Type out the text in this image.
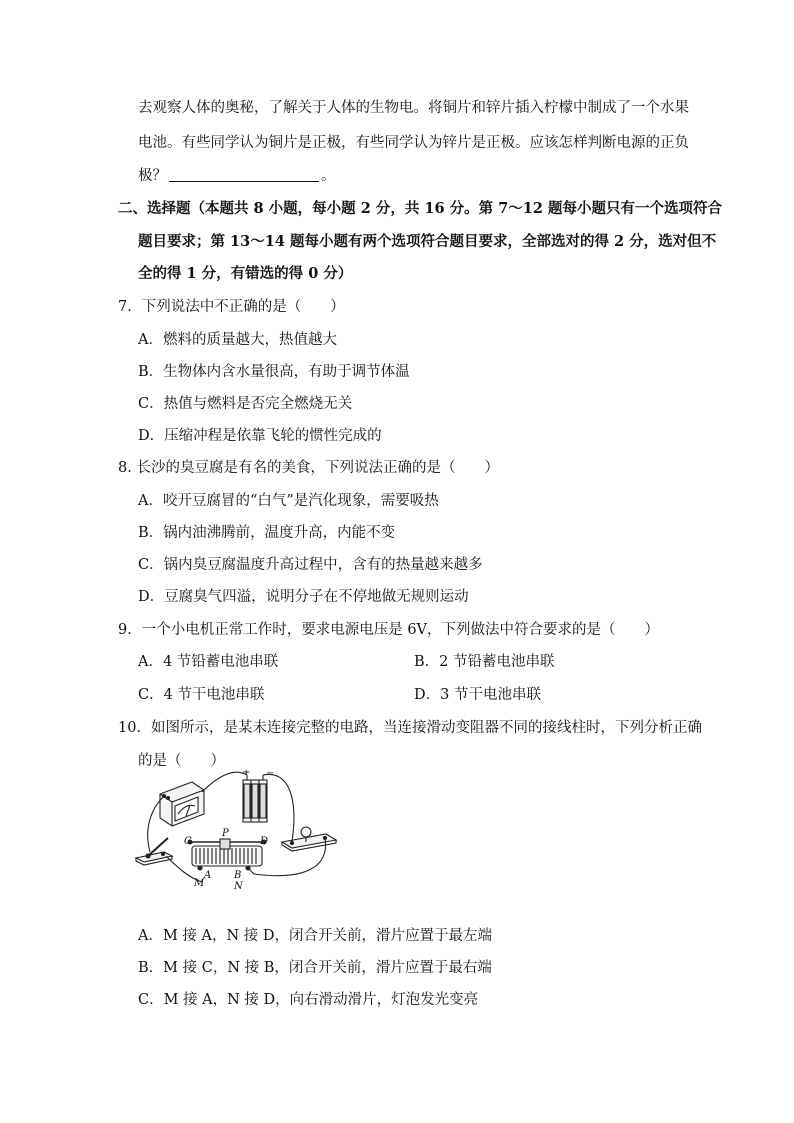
去观察人体的奥秘，了解关于人体的生物电。将铜片和锌片插入柠檬中制成了一个水果
电池。有些同学认为铜片是正极，有些同学认为锌片是正极。应该怎样判断电源的正负
极？	。
二、选择题（本题共 8 小题，每小题 2 分，共 16 分。第 7～12 题每小题只有一个选项符合
题目要求；第 13～14 题每小题有两个选项符合题目要求，全部选对的得 2 分，选对但不
全的得 1 分，有错选的得 0 分）
7．下列说法中不正确的是（　　）
A．燃料的质量越大，热值越大
B．生物体内含水量很高，有助于调节体温
C．热值与燃料是否完全燃烧无关
D．压缩冲程是依靠飞轮的惯性完成的
8. 长沙的臭豆腐是有名的美食，下列说法正确的是（　　）
A．咬开豆腐冒的“白气”是汽化现象，需要吸热
B．锅内油沸腾前，温度升高，内能不变
C．锅内臭豆腐温度升高过程中，含有的热量越来越多
D．豆腐臭气四溢，说明分子在不停地做无规则运动
9．一个小电机正常工作时，要求电源电压是 6V，下列做法中符合要求的是（　　）
A．4 节铅蓄电池串联	B．2 节铅蓄电池串联
C．4 节干电池串联	D．3 节干电池串联
10．如图所示，是某未连接完整的电路，当连接滑动变阻器不同的接线柱时，下列分析正确
的是（　　）
+ −
C
P
D
A B
M	N
A．M 接 A，N 接 D，闭合开关前，滑片应置于最左端
B．M 接 C，N 接 B，闭合开关前，滑片应置于最右端
C．M 接 A，N 接 D，向右滑动滑片，灯泡发光变亮
